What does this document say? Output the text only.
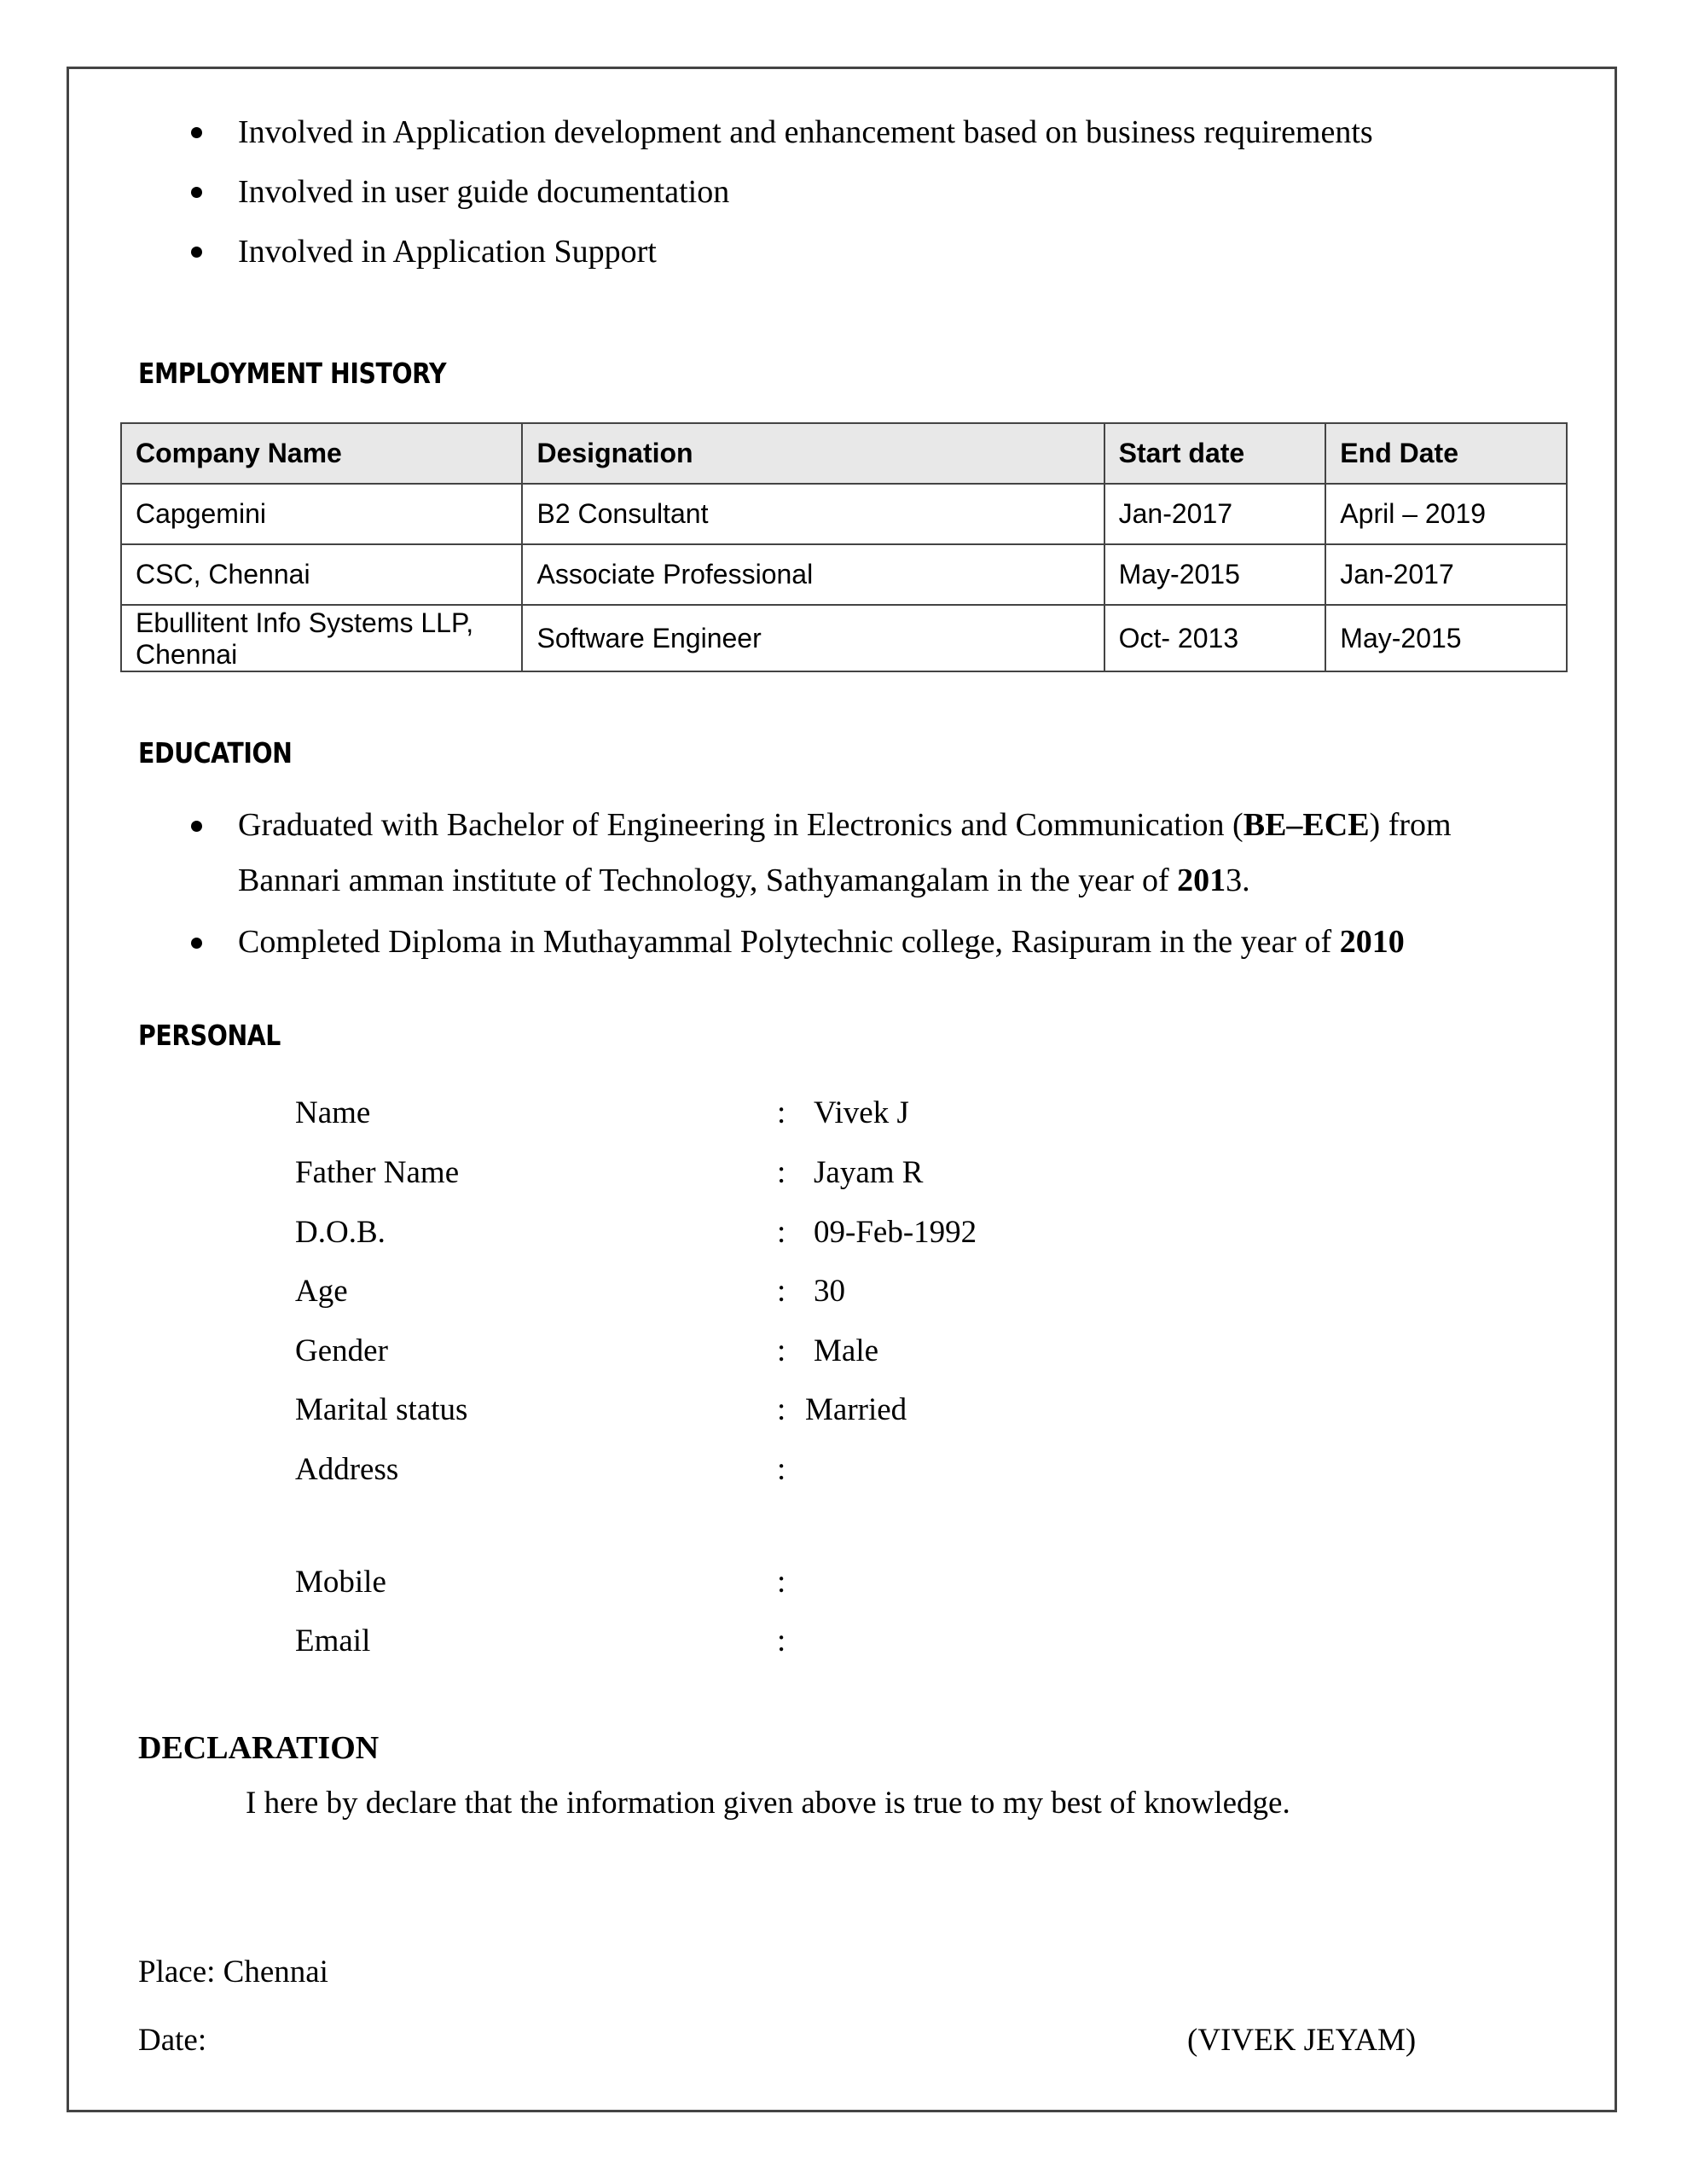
Involved in Application development and enhancement based on business requirements
Involved in user guide documentation
Involved in Application Support
EMPLOYMENT HISTORY
Company Name	Designation	Start date	End Date
Capgemini	B2 Consultant	Jan-2017	April – 2019
CSC, Chennai	Associate Professional	May-2015	Jan-2017
Ebullitent Info Systems LLP, Chennai	Software Engineer	Oct- 2013	May-2015
EDUCATION
Graduated with Bachelor of Engineering in Electronics and Communication (BE–ECE) from
Bannari amman institute of Technology, Sathyamangalam in the year of 2013.
Completed Diploma in Muthayammal Polytechnic college, Rasipuram in the year of 2010
PERSONAL
Name	: Vivek J
Father Name	: Jayam R
D.O.B.	: 09-Feb-1992
Age	: 30
Gender	: Male
Marital status	: Married
Address	:
Mobile	:
Email	:
DECLARATION
I here by declare that the information given above is true to my best of knowledge.
Place: Chennai
Date:	(VIVEK JEYAM)
